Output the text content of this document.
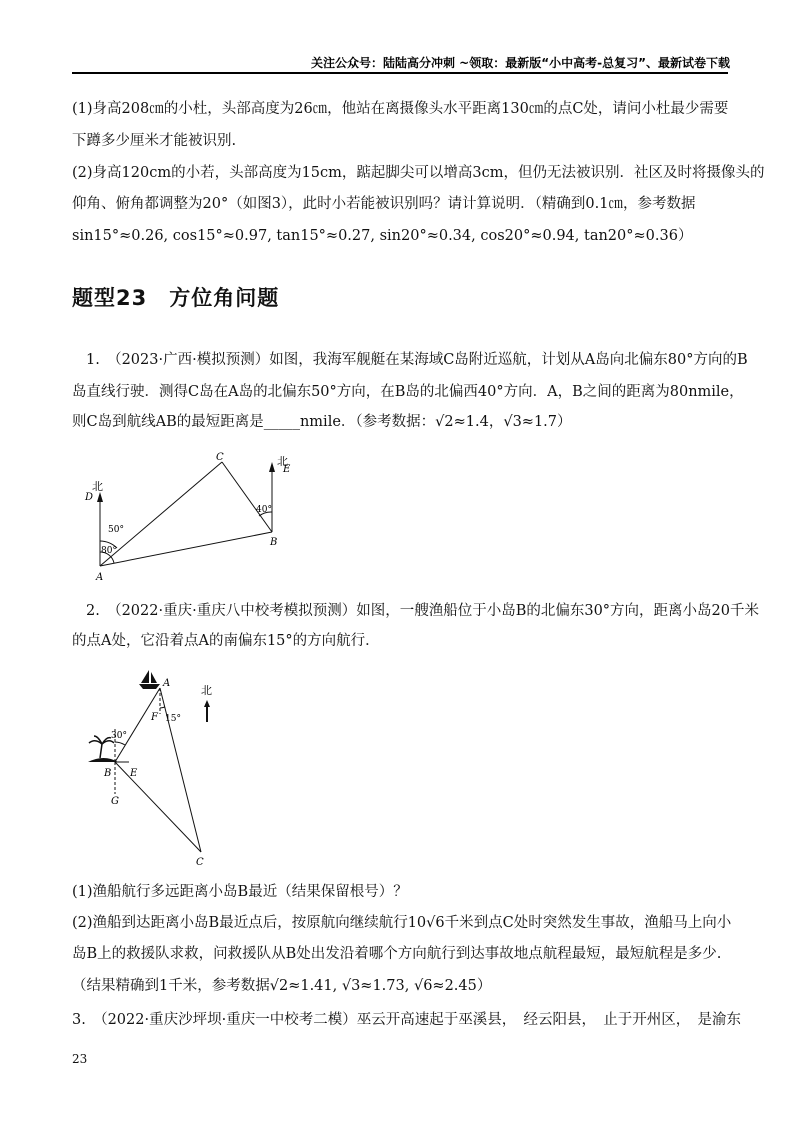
关注公众号：陆陆高分冲刺 ~领取：最新版“小中高考-总复习”、最新试卷下载
(1)身高208㎝的小杜，头部高度为26㎝，他站在离摄像头水平距离130㎝的点C处，请问小杜最少需要
下蹲多少厘米才能被识别.
(2)身高120cm的小若，头部高度为15cm，踮起脚尖可以增高3cm，但仍无法被识别．社区及时将摄像头的
仰角、俯角都调整为20°（如图3），此时小若能被识别吗？请计算说明．（精确到0.1㎝，参考数据
sin15°≈0.26, cos15°≈0.97, tan15°≈0.27, sin20°≈0.34, cos20°≈0.94, tan20°≈0.36）
题型23　方位角问题
1.　（2023·广西·模拟预测）如图，我海军舰艇在某海域C岛附近巡航，计划从A岛向北偏东80°方向的B
岛直线行驶．测得C岛在A岛的北偏东50°方向，在B岛的北偏西40°方向．A，B之间的距离为80nmile，
则C岛到航线AB的最短距离是_____nmile．（参考数据：√2≈1.4，√3≈1.7）
北
北
D
E
C
B
A
50°
80°
40°
2.　（2022·重庆·重庆八中校考模拟预测）如图，一艘渔船位于小岛B的北偏东30°方向，距离小岛20千米
的点A处，它沿着点A的南偏东15°的方向航行．
北
A
F 15°
30°
B E
G
C
(1)渔船航行多远距离小岛B最近（结果保留根号）？
(2)渔船到达距离小岛B最近点后，按原航向继续航行10√6千米到点C处时突然发生事故，渔船马上向小
岛B上的救援队求救，问救援队从B处出发沿着哪个方向航行到达事故地点航程最短，最短航程是多少.
（结果精确到1千米，参考数据√2≈1.41, √3≈1.73, √6≈2.45）
3.　（2022·重庆沙坪坝·重庆一中校考二模）巫云开高速起于巫溪县，　经云阳县，　止于开州区，　是渝东
23
